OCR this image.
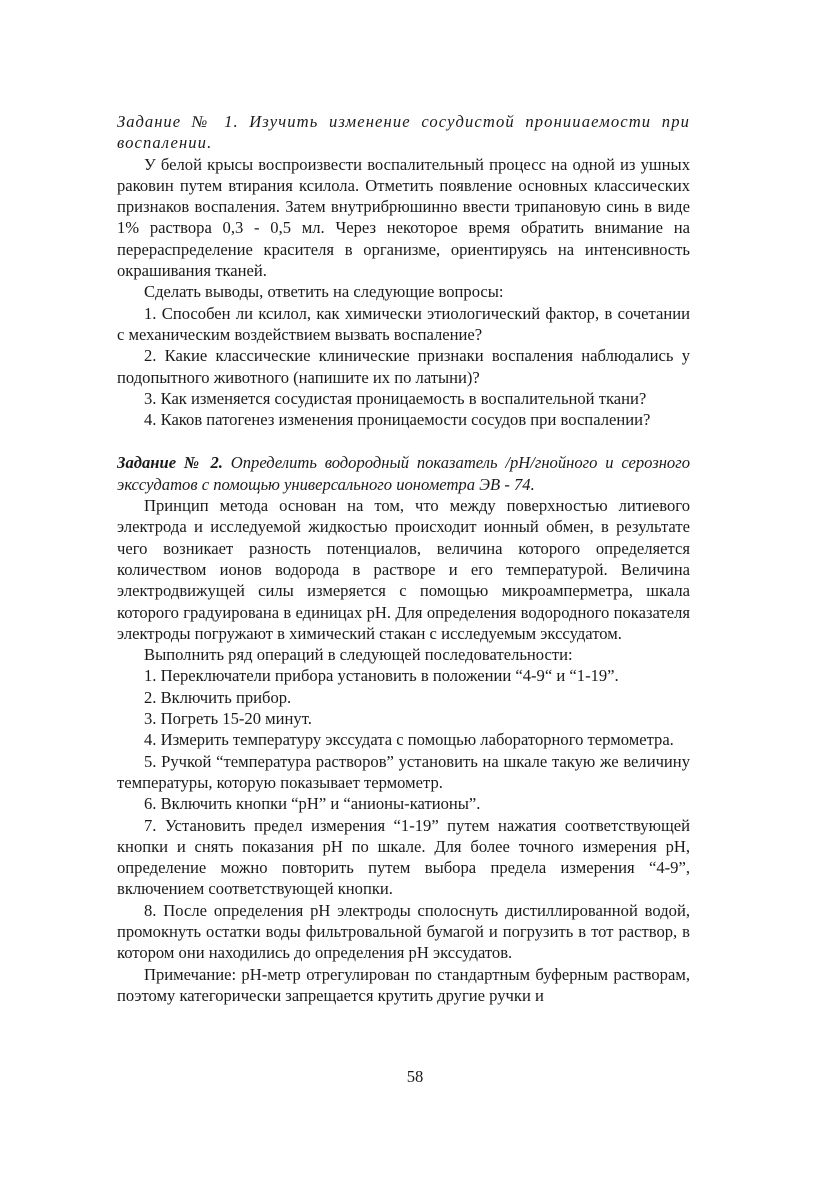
Задание № 1. Изучить изменение сосудистой прониuаемости при воспалении.

У белой крысы воспроизвести воспалительный процесс на одной из ушных раковин путем втирания ксилола. Отметить появление основных классических признаков воспаления. Затем внутрибрюшинно ввести трипановую синь в виде 1% раствора 0,3 - 0,5 мл. Через некоторое время обратить внимание на перераспределение красителя в организме, ориентируясь на интенсивность окрашивания тканей.

Сделать выводы, ответить на следующие вопросы:

1. Способен ли ксилол, как химически этиологический фактор, в сочетании с механическим воздействием вызвать воспаление?

2. Какие классические клинические признаки воспаления наблюдались у подопытного животного (напишите их по латыни)?

3. Как изменяется сосудистая проницаемость в воспалительной ткани?

4. Каков патогенез изменения проницаемости сосудов при воспалении?

Задание № 2. Определить водородный показатель /pH/гнойного и серозного экссудатов с помощью универсального ионометра ЭВ - 74.

Принцип метода основан на том, что между поверхностью литиевого электрода и исследуемой жидкостью происходит ионный обмен, в результате чего возникает разность потенциалов, величина которого определяется количеством ионов водорода в растворе и его температурой. Величина электродвижущей силы измеряется с помощью микроамперметра, шкала которого градуирована в единицах pH. Для определения водородного показателя электроды погружают в химический стакан с исследуемым экссудатом.

Выполнить ряд операций в следующей последовательности:

1. Переключатели прибора установить в положении “4-9“ и “1-19”.

2. Включить прибор.

3. Погреть 15-20 минут.

4. Измерить температуру экссудата с помощью лабораторного термометра.

5. Ручкой “температура растворов” установить на шкале такую же величину температуры, которую показывает термометр.

6. Включить кнопки “pH” и “анионы-катионы”.

7. Установить предел измерения “1-19” путем нажатия соответствующей кнопки и снять показания pH по шкале. Для более точного измерения pH, определение можно повторить путем выбора предела измерения “4-9”, включением соответствующей кнопки.

8. После определения pH электроды сполоснуть дистиллированной водой, промокнуть остатки воды фильтровальной бумагой и погрузить в тот раствор, в котором они находились до определения pH экссудатов.

Примечание: pH-метр отрегулирован по стандартным буферным растворам, поэтому категорически запрещается крутить другие ручки и

58
